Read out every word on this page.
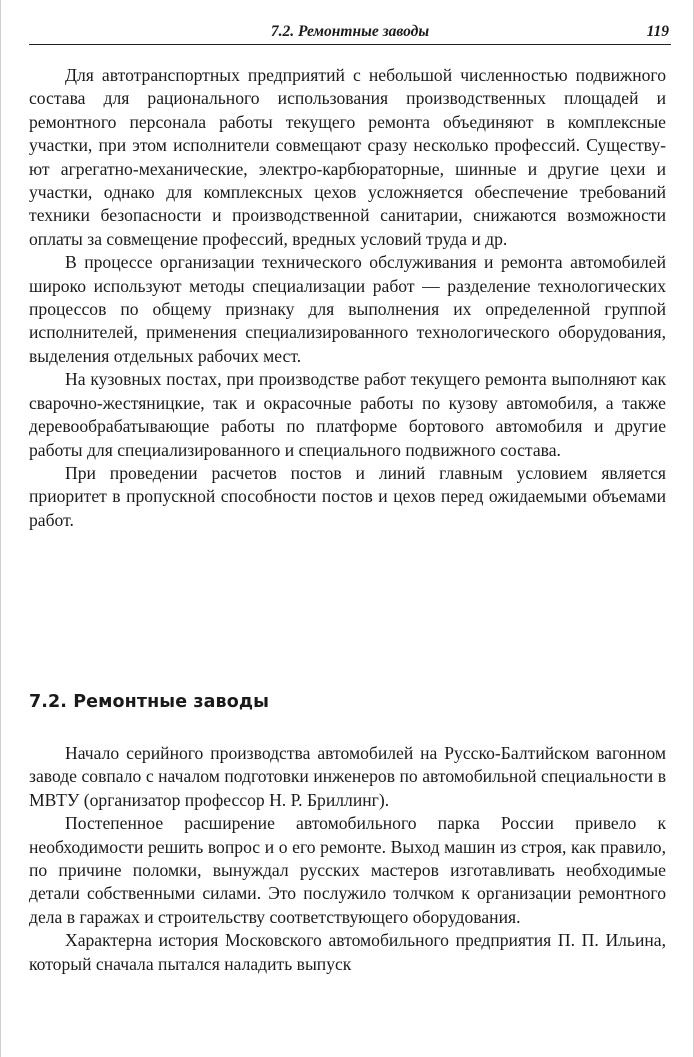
7.2. Ремонтные заводы	119

Для автотранспортных предприятий с небольшой численностью подвижного состава для рационального использования производственных площадей и ремонтного персонала работы текущего ремонта объединяют в комплексные участки, при этом исполнители совмещают сразу несколько профессий. Существуют агрегатно-механические, электро-карбюраторные, шинные и другие цехи и участки, однако для комплексных цехов усложняется обеспечение требований техники безопасности и производственной санитарии, снижаются возможности оплаты за совмещение профессий, вредных условий труда и др.

В процессе организации технического обслуживания и ремонта автомобилей широко используют методы специализации работ — разделение технологических процессов по общему признаку для выполнения их определенной группой исполнителей, применения специализированного технологического оборудования, выделения отдельных рабочих мест.

На кузовных постах, при производстве работ текущего ремонта выполняют как сварочно-жестяницкие, так и окрасочные работы по кузову автомобиля, а также деревообрабатывающие работы по платформе бортового автомобиля и другие работы для специализированного и специального подвижного состава.

При проведении расчетов постов и линий главным условием является приоритет в пропускной способности постов и цехов перед ожидаемыми объемами работ.

7.2. Ремонтные заводы

Начало серийного производства автомобилей на Русско-Балтийском вагонном заводе совпало с началом подготовки инженеров по автомобильной специальности в МВТУ (организатор профессор Н. Р. Бриллинг).

Постепенное расширение автомобильного парка России привелo к необходимости решить вопрос и о его ремонте. Выход машин из строя, как правило, по причине поломки, вынуждал русских мастеров изготавливать необходимые детали собственными силами. Это послужило толчком к организации ремонтного дела в гаражах и строительству соответствующего оборудования.

Характерна история Московского автомобильного предприятия П. П. Ильина, который сначала пытался наладить выпуск
